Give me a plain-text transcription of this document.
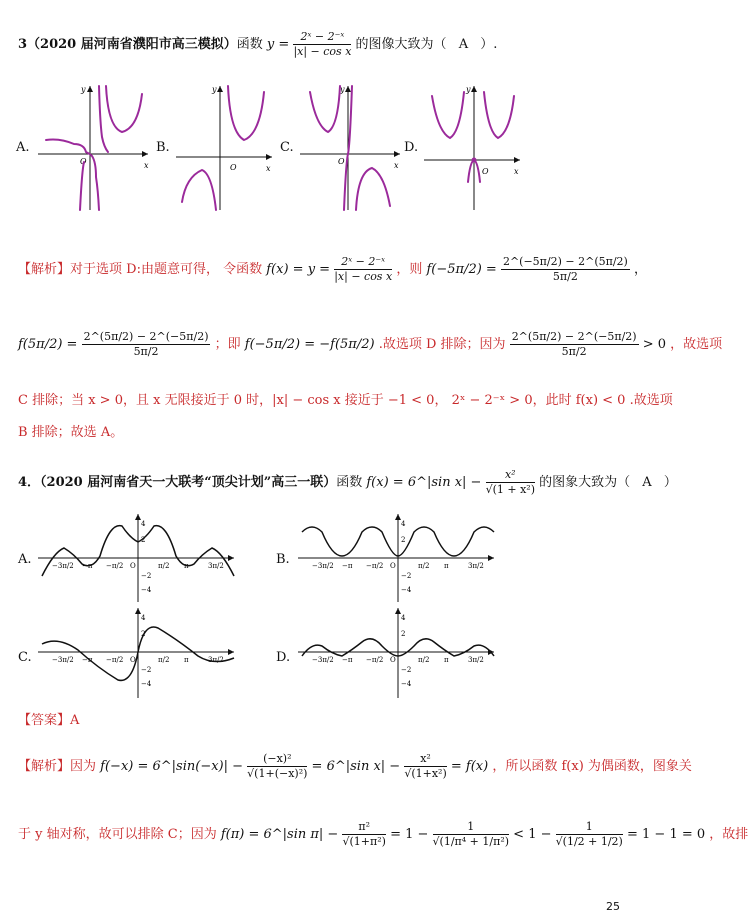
3（2020 届河南省濮阳市高三模拟）函数 $y = \frac{\text{2ˣ − 2⁻ˣ}}{\text{|x| − cos x}}$ 的图像大致为（ A ）.
A.
x
y
O
B.
x
y
O
C.
x
y
O
D.
x
y
O
【解析】对于选项 D:由题意可得， 令函数 $f(x) = y = \frac{\text{2ˣ − 2⁻ˣ}}{\text{|x| − cos x}}$ ，则 $f(-5\pi/2) = \frac{2\^{}(-5\pi/2) - 2\^{}(5\pi/2)}{5\pi/2}$ ，
$f(5\pi/2) = \frac{2\^{}(5\pi/2) - 2\^{}(-5\pi/2)}{5\pi/2}$ ；即 f(−5π/2) = −f(5π/2) .故选项 D 排除；因为 $\frac{2\^{}(5\pi/2) - 2\^{}(-5\pi/2)}{5\pi/2} > 0$ ，故选项
C 排除；当 x > 0，且 x 无限接近于 0 时，|x| − cos x 接近于 −1 < 0， 2ˣ − 2⁻ˣ > 0，此时 f(x) < 0 .故选项
B 排除；故选 A。
4．（2020 届河南省天一大联考“顶尖计划”高三一联）函数 f(x) = 6^|sin $x| - \frac{\text{x²}}{\text{√(1 + x²)}}$ 的图象大致为（ A ）
A.	−3π/2 −π −π/2 O	π/2 π	3π/2
4
2
−2
−4
B.	−3π/2 −π −π/2 O	π/2 π	3π/2
4
2
−2
−4
C.	−3π/2 −π −π/2 O	π/2 π	3π/2
4
2
−2
−4
D.	−3π/2 −π −π/2 O	π/2 π	3π/2
4
2
−2
−4
【答案】A
【解析】因为 f(−x) = 6^|sin(−x)| − $\frac{\text{(−x)²}}{\text{√(1+(−x)²)}}$ = 6^|sin $x| - \frac{\text{x²}}{\text{√(1+x²)}} = f(x)$ ，所以函数 f(x) 为偶函数，图象关
于 y 轴对称，故可以排除 C；因为 f(π) = 6^|sin $\pi| - \frac{\text{π²}}{\text{√(1+π²)}} = 1 - \frac{1}{\text{√(1/π⁴ + 1/π²)}} < 1 - \frac{1}{√(1/2 + 1/2)} = 1 - 1 = 0$ ，故排
25
